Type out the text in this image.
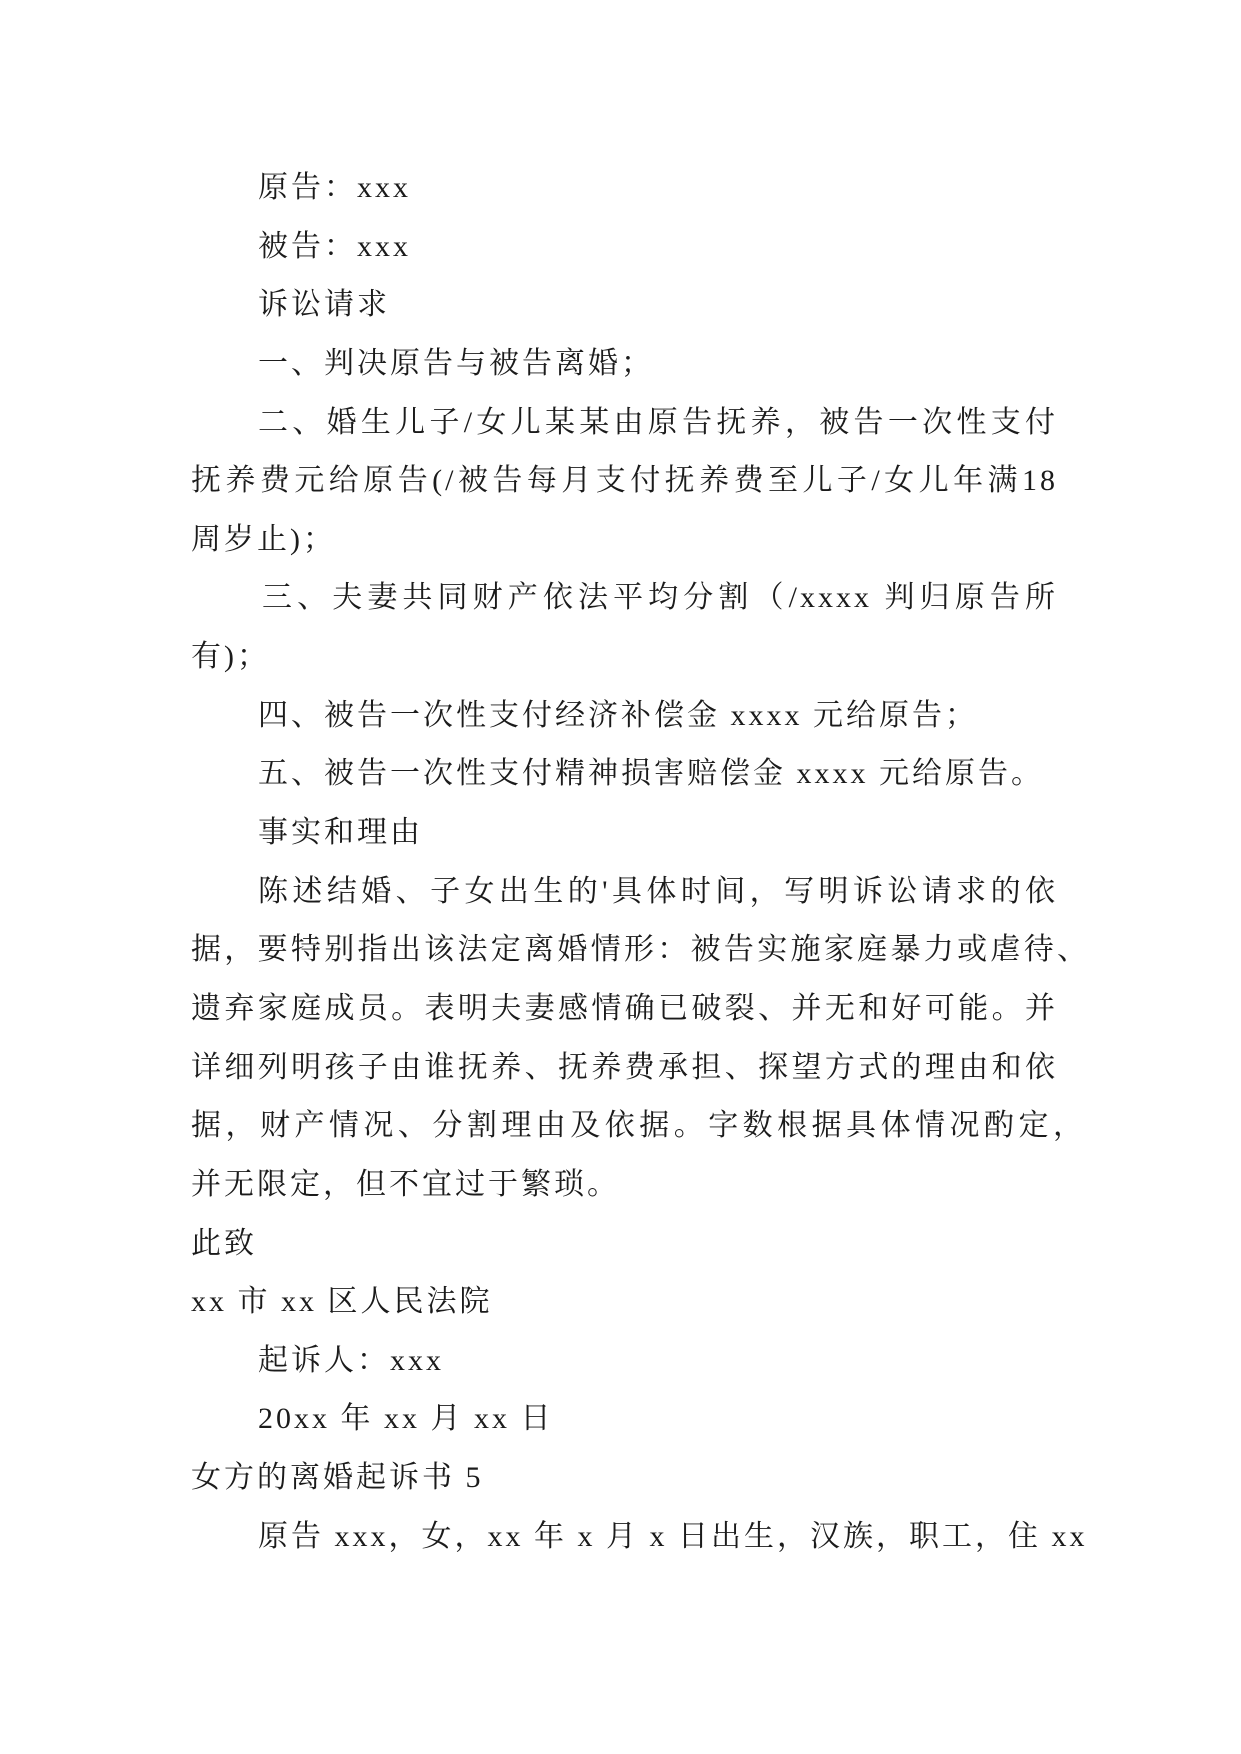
原告：xxx
被告：xxx
诉讼请求
一、判决原告与被告离婚；
二、婚生儿子/女儿某某由原告抚养，被告一次性支付
抚养费元给原告(/被告每月支付抚养费至儿子/女儿年满18
周岁止)；
三、夫妻共同财产依法平均分割（/xxxx 判归原告所
有)；
四、被告一次性支付经济补偿金 xxxx 元给原告；
五、被告一次性支付精神损害赔偿金 xxxx 元给原告。
事实和理由
陈述结婚、子女出生的'具体时间，写明诉讼请求的依
据，要特别指出该法定离婚情形：被告实施家庭暴力或虐待、
遗弃家庭成员。表明夫妻感情确已破裂、并无和好可能。并
详细列明孩子由谁抚养、抚养费承担、探望方式的理由和依
据，财产情况、分割理由及依据。字数根据具体情况酌定，
并无限定，但不宜过于繁琐。
此致
xx 市 xx 区人民法院
起诉人：xxx
20xx 年 xx 月 xx 日
女方的离婚起诉书 5
原告 xxx，女，xx 年 x 月 x 日出生，汉族，职工，住 xx
